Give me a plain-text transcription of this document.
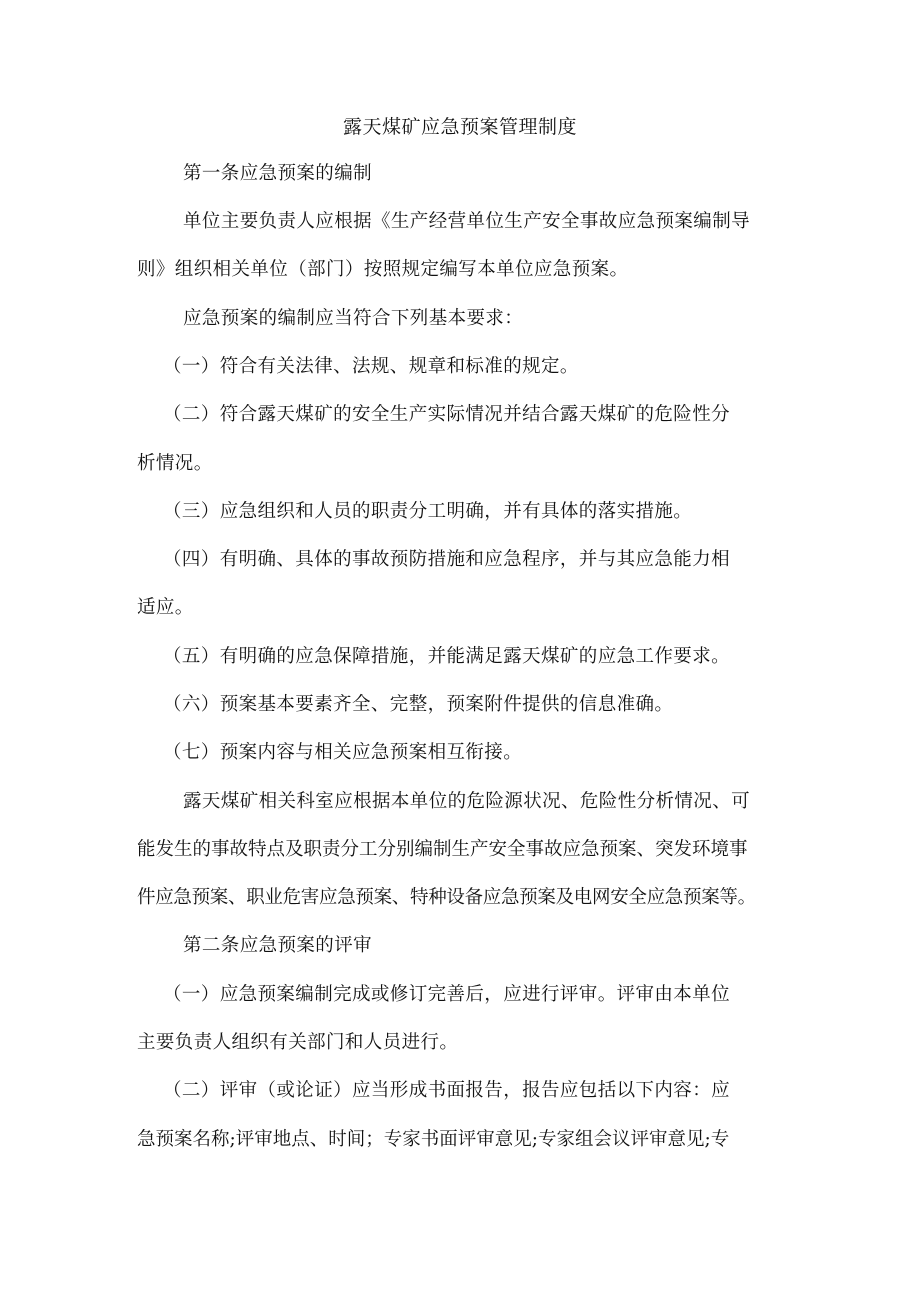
露天煤矿应急预案管理制度
第一条应急预案的编制
单位主要负责人应根据《生产经营单位生产安全事故应急预案编制导
则》组织相关单位（部门）按照规定编写本单位应急预案。
应急预案的编制应当符合下列基本要求：
（一）符合有关法律、法规、规章和标准的规定。
（二）符合露天煤矿的安全生产实际情况并结合露天煤矿的危险性分
析情况。
（三）应急组织和人员的职责分工明确，并有具体的落实措施。
（四）有明确、具体的事故预防措施和应急程序，并与其应急能力相
适应。
（五）有明确的应急保障措施，并能满足露天煤矿的应急工作要求。
（六）预案基本要素齐全、完整，预案附件提供的信息准确。
（七）预案内容与相关应急预案相互衔接。
露天煤矿相关科室应根据本单位的危险源状况、危险性分析情况、可
能发生的事故特点及职责分工分别编制生产安全事故应急预案、突发环境事
件应急预案、职业危害应急预案、特种设备应急预案及电网安全应急预案等。
第二条应急预案的评审
（一）应急预案编制完成或修订完善后，应进行评审。评审由本单位
主要负责人组织有关部门和人员进行。
（二）评审（或论证）应当形成书面报告，报告应包括以下内容：应
急预案名称;评审地点、时间；专家书面评审意见;专家组会议评审意见;专
